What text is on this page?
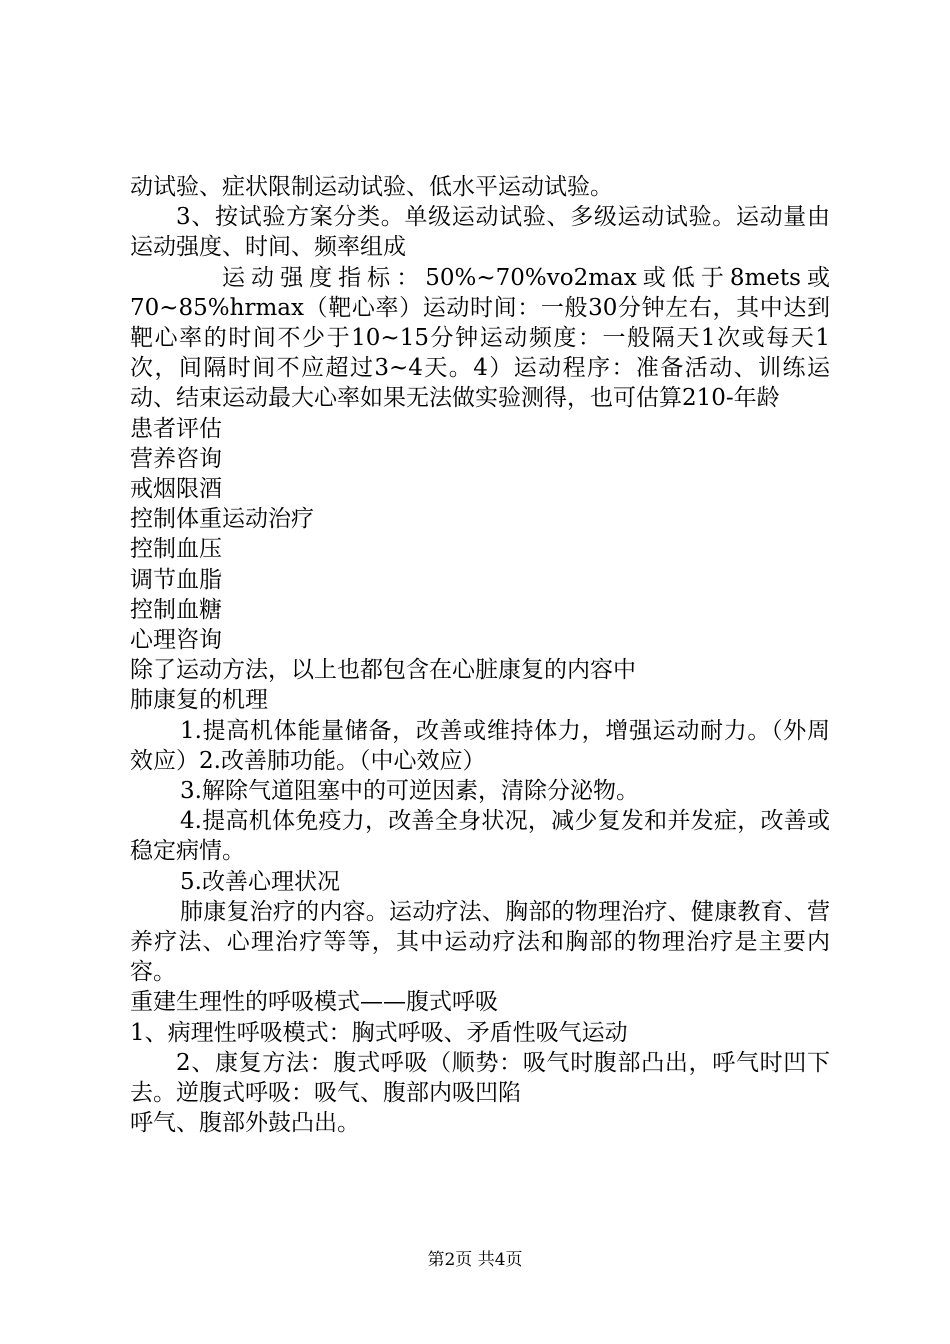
动试验、症状限制运动试验、低水平运动试验。

3、按试验方案分类。单级运动试验、多级运动试验。运动量由运动强度、时间、频率组成

运动强度指标：50%~70%vo2max或低于8mets或70~85%hrmax（靶心率）运动时间：一般30分钟左右，其中达到靶心率的时间不少于10~15分钟运动频度：一般隔天1次或每天1次，间隔时间不应超过3~4天。4）运动程序：准备活动、训练运动、结束运动最大心率如果无法做实验测得，也可估算210-年龄

患者评估

营养咨询

戒烟限酒

控制体重运动治疗

控制血压

调节血脂

控制血糖

心理咨询

除了运动方法，以上也都包含在心脏康复的内容中

肺康复的机理

1.提高机体能量储备，改善或维持体力，增强运动耐力。（外周效应）2.改善肺功能。（中心效应）

3.解除气道阻塞中的可逆因素，清除分泌物。

4.提高机体免疫力，改善全身状况，减少复发和并发症，改善或稳定病情。

5.改善心理状况

肺康复治疗的内容。运动疗法、胸部的物理治疗、健康教育、营养疗法、心理治疗等等，其中运动疗法和胸部的物理治疗是主要内容。

重建生理性的呼吸模式——腹式呼吸

1、病理性呼吸模式：胸式呼吸、矛盾性吸气运动

2、康复方法：腹式呼吸（顺势：吸气时腹部凸出，呼气时凹下去。逆腹式呼吸：吸气、腹部内吸凹陷

呼气、腹部外鼓凸出。

第2页 共4页
